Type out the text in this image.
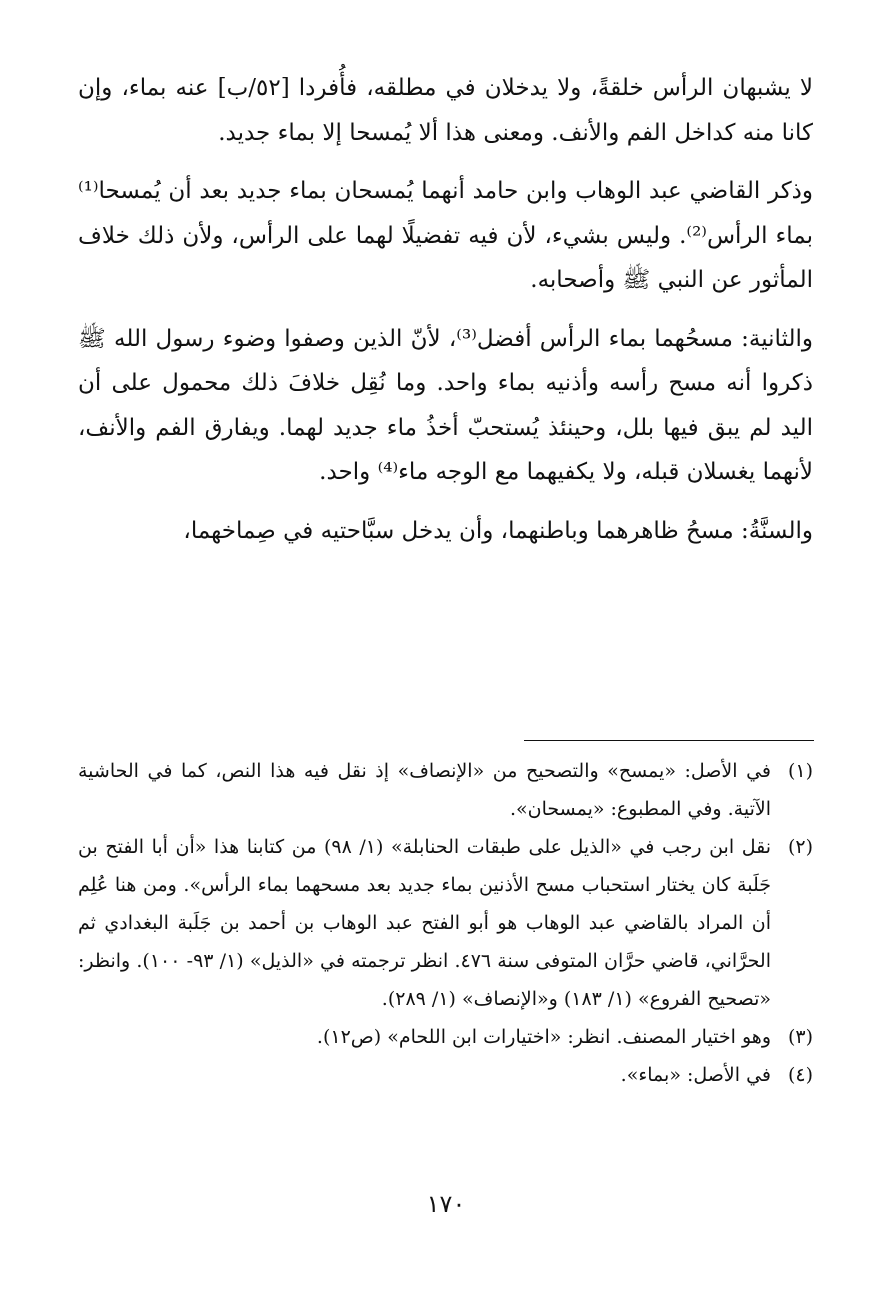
لا يشبهان الرأس خلقةً، ولا يدخلان في مطلقه، فأُفردا [٥٢/ب] عنه بماء، وإن كانا منه كداخل الفم والأنف. ومعنى هذا ألا يُمسحا إلا بماء جديد.

وذكر القاضي عبد الوهاب وابن حامد أنهما يُمسحان بماء جديد بعد أن يُمسحا⁽¹⁾ بماء الرأس⁽²⁾. وليس بشيء، لأن فيه تفضيلًا لهما على الرأس، ولأن ذلك خلاف المأثور عن النبي ﷺ وأصحابه.

والثانية: مسحُهما بماء الرأس أفضل⁽³⁾، لأنّ الذين وصفوا وضوء رسول الله ﷺ ذكروا أنه مسح رأسه وأذنيه بماء واحد. وما نُقِل خلافَ ذلك محمول على أن اليد لم يبق فيها بلل، وحينئذ يُستحبّ أخذُ ماء جديد لهما. ويفارق الفم والأنف، لأنهما يغسلان قبله، ولا يكفيهما مع الوجه ماء⁽⁴⁾ واحد.

والسنَّةُ: مسحُ ظاهرهما وباطنهما، وأن يدخل سبَّاحتيه في صِماخهما،

(١)
في الأصل: «يمسح» والتصحيح من «الإنصاف» إذ نقل فيه هذا النص، كما في الحاشية الآتية. وفي المطبوع: «يمسحان».
(٢)
نقل ابن رجب في «الذيل على طبقات الحنابلة» (١/ ٩٨) من كتابنا هذا «أن أبا الفتح بن جَلَبة كان يختار استحباب مسح الأذنين بماء جديد بعد مسحهما بماء الرأس». ومن هنا عُلِم أن المراد بالقاضي عبد الوهاب هو أبو الفتح عبد الوهاب بن أحمد بن جَلَبة البغدادي ثم الحرَّاني، قاضي حرَّان المتوفى سنة ٤٧٦. انظر ترجمته في «الذيل» (١/ ٩٣- ١٠٠). وانظر: «تصحيح الفروع» (١/ ١٨٣) و«الإنصاف» (١/ ٢٨٩).
(٣)
وهو اختيار المصنف. انظر: «اختيارات ابن اللحام» (ص١٢).
(٤)
في الأصل: «بماء».
١٧٠
